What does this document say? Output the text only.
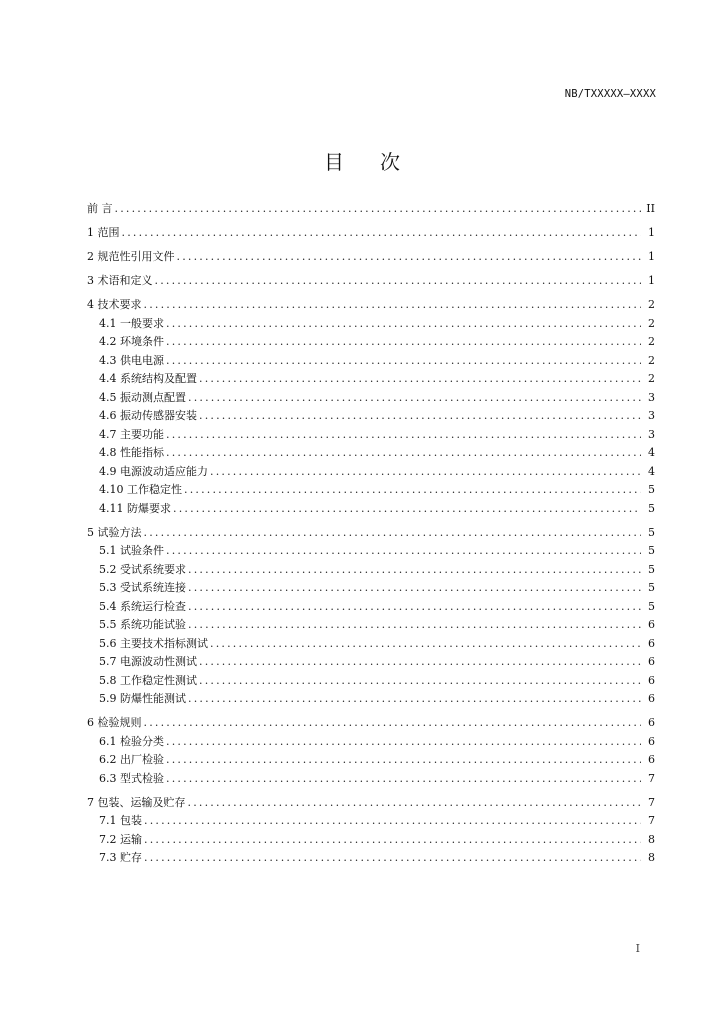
NB/TXXXXX—XXXX
目次
前 言 .....	II
1 范围 .....	1
2 规范性引用文件 .....	1
3 术语和定义 .....	1
4 技术要求 .....	2
4.1 一般要求 .....	2
4.2 环境条件 .....	2
4.3 供电电源 .....	2
4.4 系统结构及配置 .....	2
4.5 振动测点配置 .....	3
4.6 振动传感器安装 .....	3
4.7 主要功能 .....	3
4.8 性能指标 .....	4
4.9 电源波动适应能力 .....	4
4.10 工作稳定性 .....	5
4.11 防爆要求 .....	5
5 试验方法 .....	5
5.1 试验条件 .....	5
5.2 受试系统要求 .....	5
5.3 受试系统连接 .....	5
5.4 系统运行检查 .....	5
5.5 系统功能试验 .....	6
5.6 主要技术指标测试 .....	6
5.7 电源波动性测试 .....	6
5.8 工作稳定性测试 .....	6
5.9 防爆性能测试 .....	6
6 检验规则 .....	6
6.1 检验分类 .....	6
6.2 出厂检验 .....	6
6.3 型式检验 .....	7
7 包装、运输及贮存 .....	7
7.1 包装 .....	7
7.2 运输 .....	8
7.3 贮存 .....	8
I
